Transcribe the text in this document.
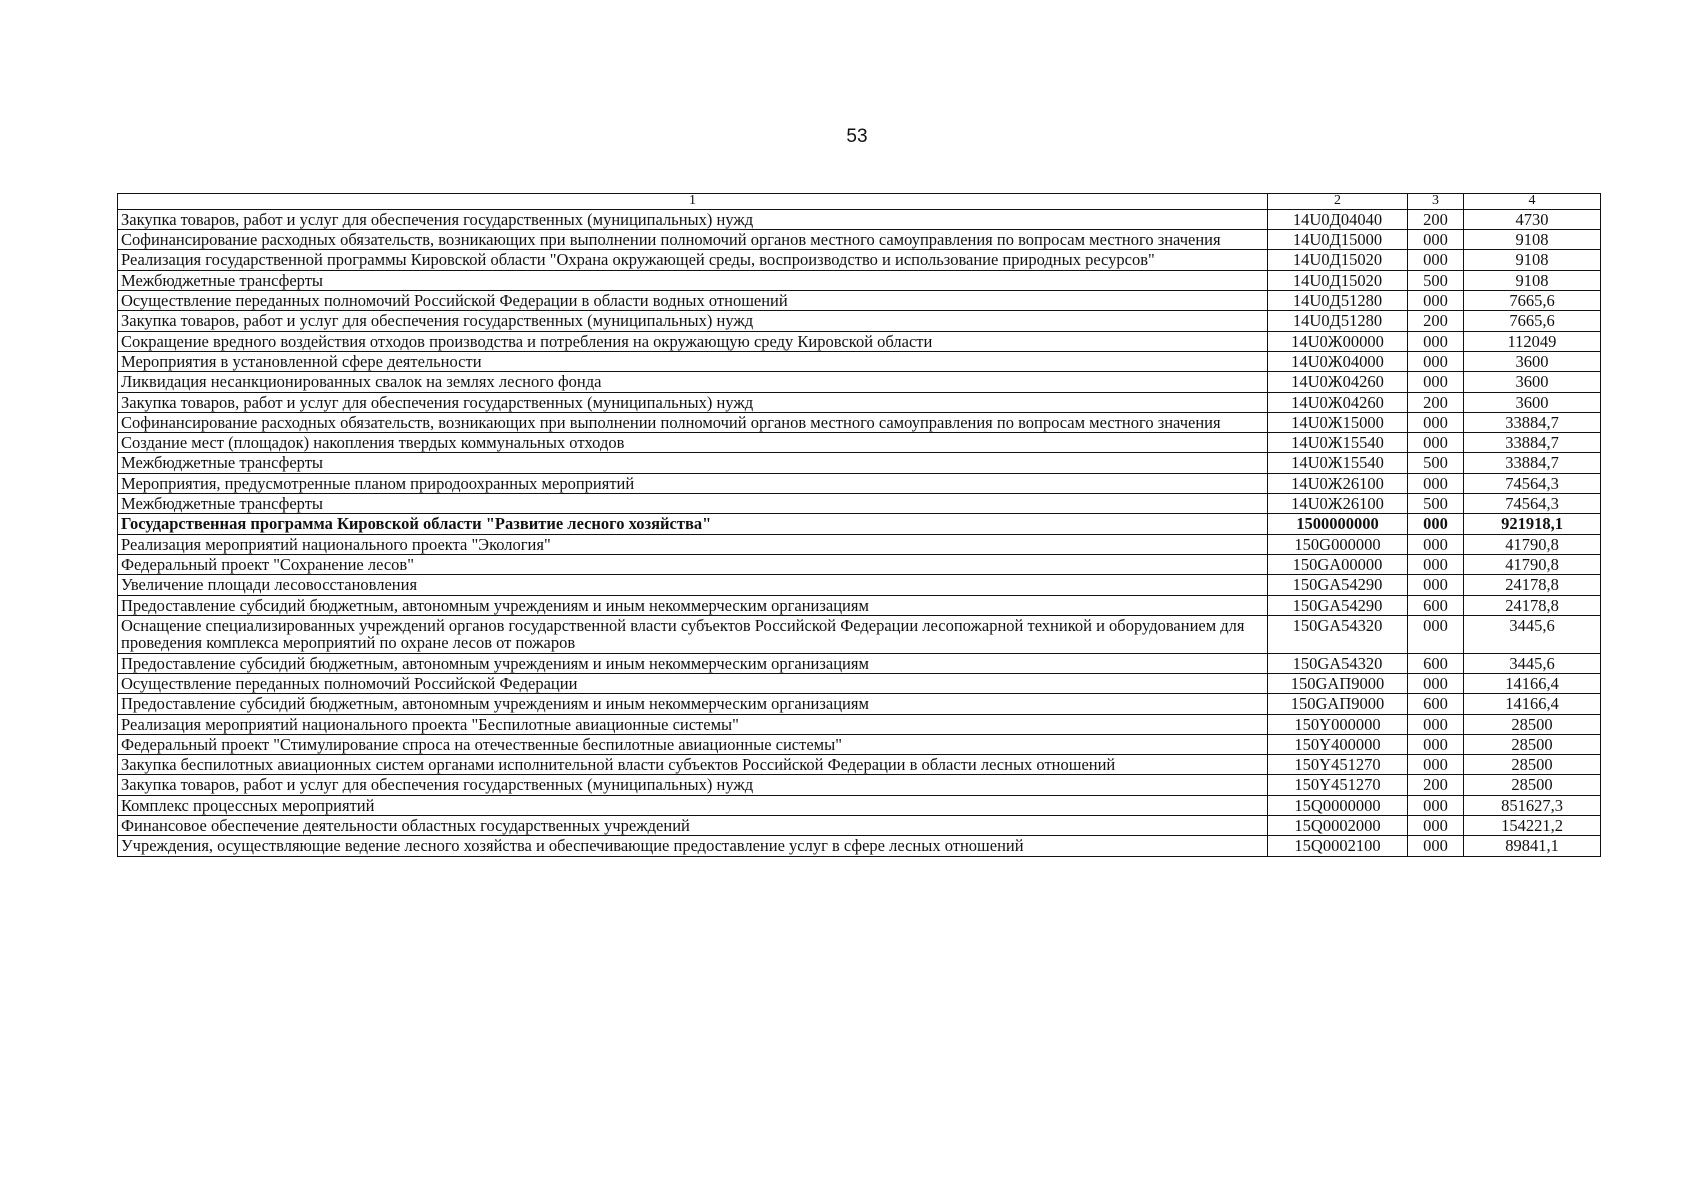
53
1	2	3	4
Закупка товаров, работ и услуг для обеспечения государственных (муниципальных) нужд	14U0Д04040	200	4730
Софинансирование расходных обязательств, возникающих при выполнении полномочий органов местного самоуправления по вопросам местного значения	14U0Д15000	000	9108
Реализация государственной программы Кировской области "Охрана окружающей среды, воспроизводство и использование природных ресурсов"	14U0Д15020	000	9108
Межбюджетные трансферты	14U0Д15020	500	9108
Осуществление переданных полномочий Российской Федерации в области водных отношений	14U0Д51280	000	7665,6
Закупка товаров, работ и услуг для обеспечения государственных (муниципальных) нужд	14U0Д51280	200	7665,6
Сокращение вредного воздействия отходов производства и потребления на окружающую среду Кировской области	14U0Ж00000	000	112049
Мероприятия в установленной сфере деятельности	14U0Ж04000	000	3600
Ликвидация несанкционированных свалок на землях лесного фонда	14U0Ж04260	000	3600
Закупка товаров, работ и услуг для обеспечения государственных (муниципальных) нужд	14U0Ж04260	200	3600
Софинансирование расходных обязательств, возникающих при выполнении полномочий органов местного самоуправления по вопросам местного значения	14U0Ж15000	000	33884,7
Создание мест (площадок) накопления твердых коммунальных отходов	14U0Ж15540	000	33884,7
Межбюджетные трансферты	14U0Ж15540	500	33884,7
Мероприятия, предусмотренные планом природоохранных мероприятий	14U0Ж26100	000	74564,3
Межбюджетные трансферты	14U0Ж26100	500	74564,3
Государственная программа Кировской области "Развитие лесного хозяйства"	1500000000	000	921918,1
Реализация мероприятий национального проекта "Экология"	150G000000	000	41790,8
Федеральный проект "Сохранение лесов"	150GA00000	000	41790,8
Увеличение площади лесовосстановления	150GA54290	000	24178,8
Предоставление субсидий бюджетным, автономным учреждениям и иным некоммерческим организациям	150GA54290	600	24178,8
Оснащение специализированных учреждений органов государственной власти субъектов Российской Федерации лесопожарной техникой и оборудованием для проведения комплекса мероприятий по охране лесов от пожаров	150GA54320	000	3445,6
Предоставление субсидий бюджетным, автономным учреждениям и иным некоммерческим организациям	150GA54320	600	3445,6
Осуществление переданных полномочий Российской Федерации	150GAП9000	000	14166,4
Предоставление субсидий бюджетным, автономным учреждениям и иным некоммерческим организациям	150GAП9000	600	14166,4
Реализация мероприятий национального проекта "Беспилотные авиационные системы"	150Y000000	000	28500
Федеральный проект "Стимулирование спроса на отечественные беспилотные авиационные системы"	150Y400000	000	28500
Закупка беспилотных авиационных систем органами исполнительной власти субъектов Российской Федерации в области лесных отношений	150Y451270	000	28500
Закупка товаров, работ и услуг для обеспечения государственных (муниципальных) нужд	150Y451270	200	28500
Комплекс процессных мероприятий	15Q0000000	000	851627,3
Финансовое обеспечение деятельности областных государственных учреждений	15Q0002000	000	154221,2
Учреждения, осуществляющие ведение лесного хозяйства и обеспечивающие предоставление услуг в сфере лесных отношений	15Q0002100	000	89841,1
